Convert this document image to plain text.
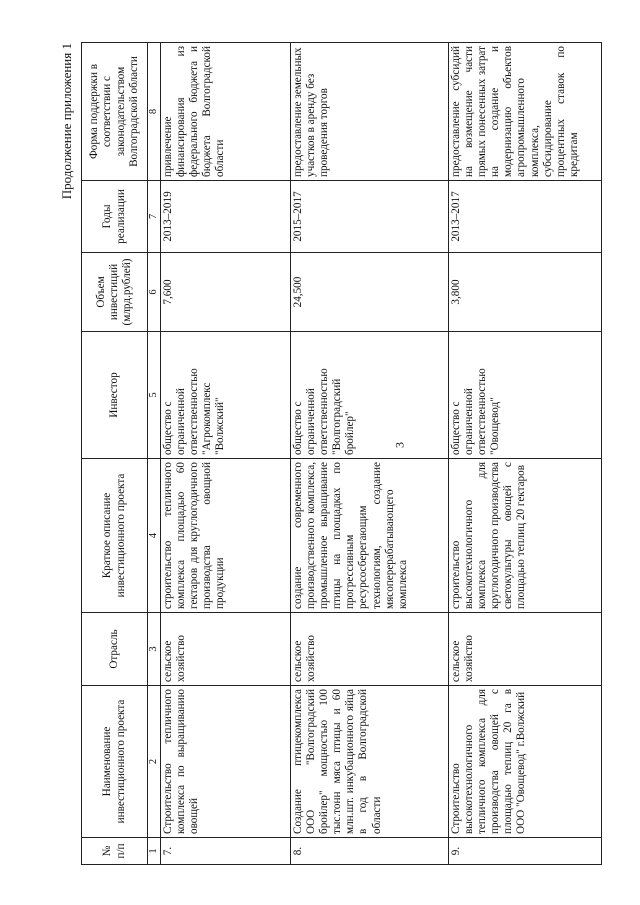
3

Продолжение приложения 1

№ п/п	Наименование инвестиционного проекта	Отрасль	Краткое описание инвестиционного проекта	Инвестор	Объем инвестиций (млрд.рублей)	Годы реализации	Форма поддержки в соответствии с законодательством Волгоградской области
1	2	3	4	5	6	7	8
7.	Строительство тепличного комплекса по выращиванию овощей	сельское хозяйство	строительство тепличного комплекса площадью 60 гектаров для круглогодичного производства овощной продукции	общество с ограниченной ответственностью "Агрокомплекс "Волжский"	7,600	2013–2019	привлечение финансирования из федерального бюджета и бюджета Волгоградской области
8.	Создание птицекомплекса ООО "Волгоградский бройлер" мощностью 100 тыс.тонн мяса птицы и 60 млн.шт. инкубационного яйца в год в Волгоградской области	сельское хозяйство	создание современного производственного комплекса, промышленное выращивание птицы на площадках по прогрессивным ресурсосберегающим технологиям, создание мясоперерабатывающего комплекса	общество с ограниченной ответственностью "Волгоградский бройлер"	24,500	2015–2017	предоставление земельных участков в аренду без проведения торгов
9.	Строительство высокотехнологичного тепличного комплекса для производства овощей с площадью теплиц 20 га в ООО "Овощевод" г.Волжский	сельское хозяйство	строительство высокотехнологичного комплекса для круглогодичного производства светокультуры овощей с площадью теплиц 20 гектаров	общество с ограниченной ответственностью "Овощевод"	3,800	2013–2017	предоставление субсидий на возмещение части прямых понесенных затрат на создание и модернизацию объектов агропромышленного комплекса, субсидирование процентных ставок по кредитам
